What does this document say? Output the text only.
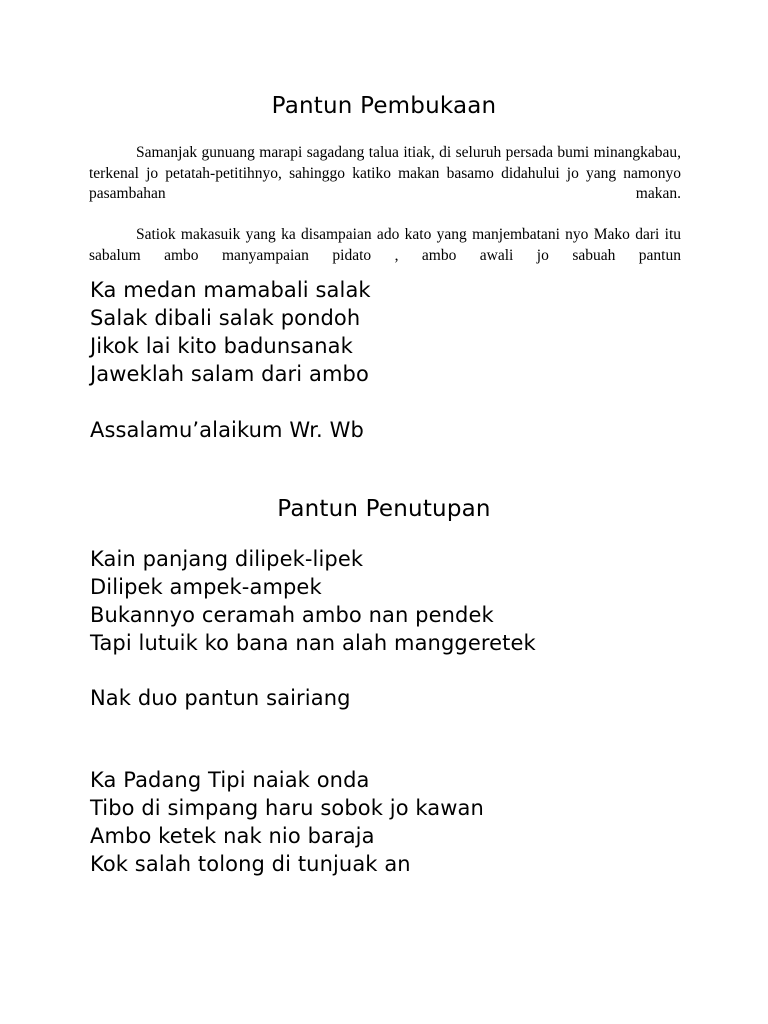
Pantun Pembukaan

Samanjak gunuang marapi sagadang talua itiak, di seluruh persada bumi minangkabau, terkenal jo petatah-petitihnyo, sahinggo katiko makan basamo didahului jo yang namonyo pasambahan makan.

Satiok makasuik yang ka disampaian ado kato yang manjembatani nyo Mako dari itu sabalum ambo manyampaian pidato , ambo awali jo sabuah pantun

Ka medan mamabali salak
Salak dibali salak pondoh
Jikok lai kito badunsanak
Jaweklah salam dari ambo
Assalamu’alaikum Wr. Wb
Pantun Penutupan
Kain panjang dilipek-lipek
Dilipek ampek-ampek
Bukannyo ceramah ambo nan pendek
Tapi lutuik ko bana nan alah manggeretek
Nak duo pantun sairiang
Ka Padang Tipi naiak onda
Tibo di simpang haru sobok jo kawan
Ambo ketek nak nio baraja
Kok salah tolong di tunjuak an
